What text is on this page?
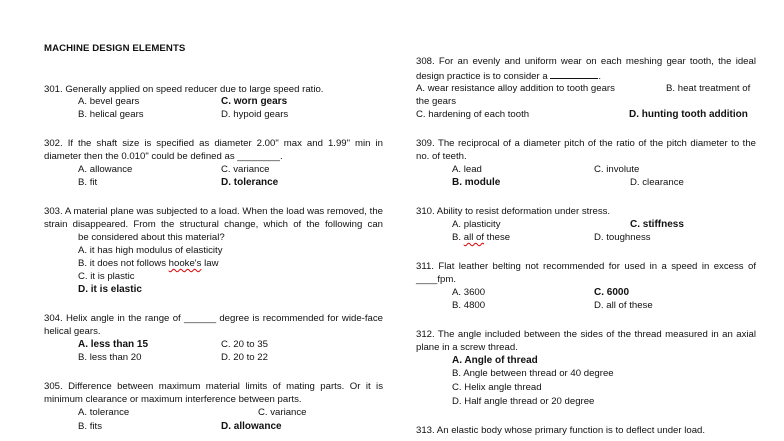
MACHINE DESIGN ELEMENTS
301. Generally applied on speed reducer due to large speed ratio.
A. bevel gears	C. worn gears
B. helical gears	D. hypoid gears
302. If the shaft size is specified as diameter 2.00" max and 1.99" min in
diameter then the 0.010" could be defined as ________.
A. allowance	C. variance
B. fit	D. tolerance
303. A material plane was subjected to a load. When the load was removed, the
strain disappeared. From the structural change, which of the following can
be considered about this material?
A. it has high modulus of elasticity
B. it does not follows hooke's law
C. it is plastic
D. it is elastic
304. Helix angle in the range of ______ degree is recommended for wide-face
helical gears.
A. less than 15	C. 20 to 35
B. less than 20	D. 20 to 22
305. Difference between maximum material limits of mating parts. Or it is
minimum clearance or maximum interference between parts.
A. tolerance	C. variance
B. fits	D. allowance
308. For an evenly and uniform wear on each meshing gear tooth, the ideal
design practice is to consider a	.
A. wear resistance alloy addition to tooth gears	B. heat treatment of
the gears
C. hardening of each tooth	D. hunting tooth addition
309. The reciprocal of a diameter pitch of the ratio of the pitch diameter to the
no. of teeth.
A. lead	C. involute
B. module	D. clearance
310. Ability to resist deformation under stress.
A. plasticity	C. stiffness
B. all of these	D. toughness
311. Flat leather belting not recommended for used in a speed in excess of
____fpm.
A. 3600	C. 6000
B. 4800	D. all of these
312. The angle included between the sides of the thread measured in an axial
plane in a screw thread.
A. Angle of thread
B. Angle between thread or 40 degree
C. Helix angle thread
D. Half angle thread or 20 degree
313. An elastic body whose primary function is to deflect under load.
